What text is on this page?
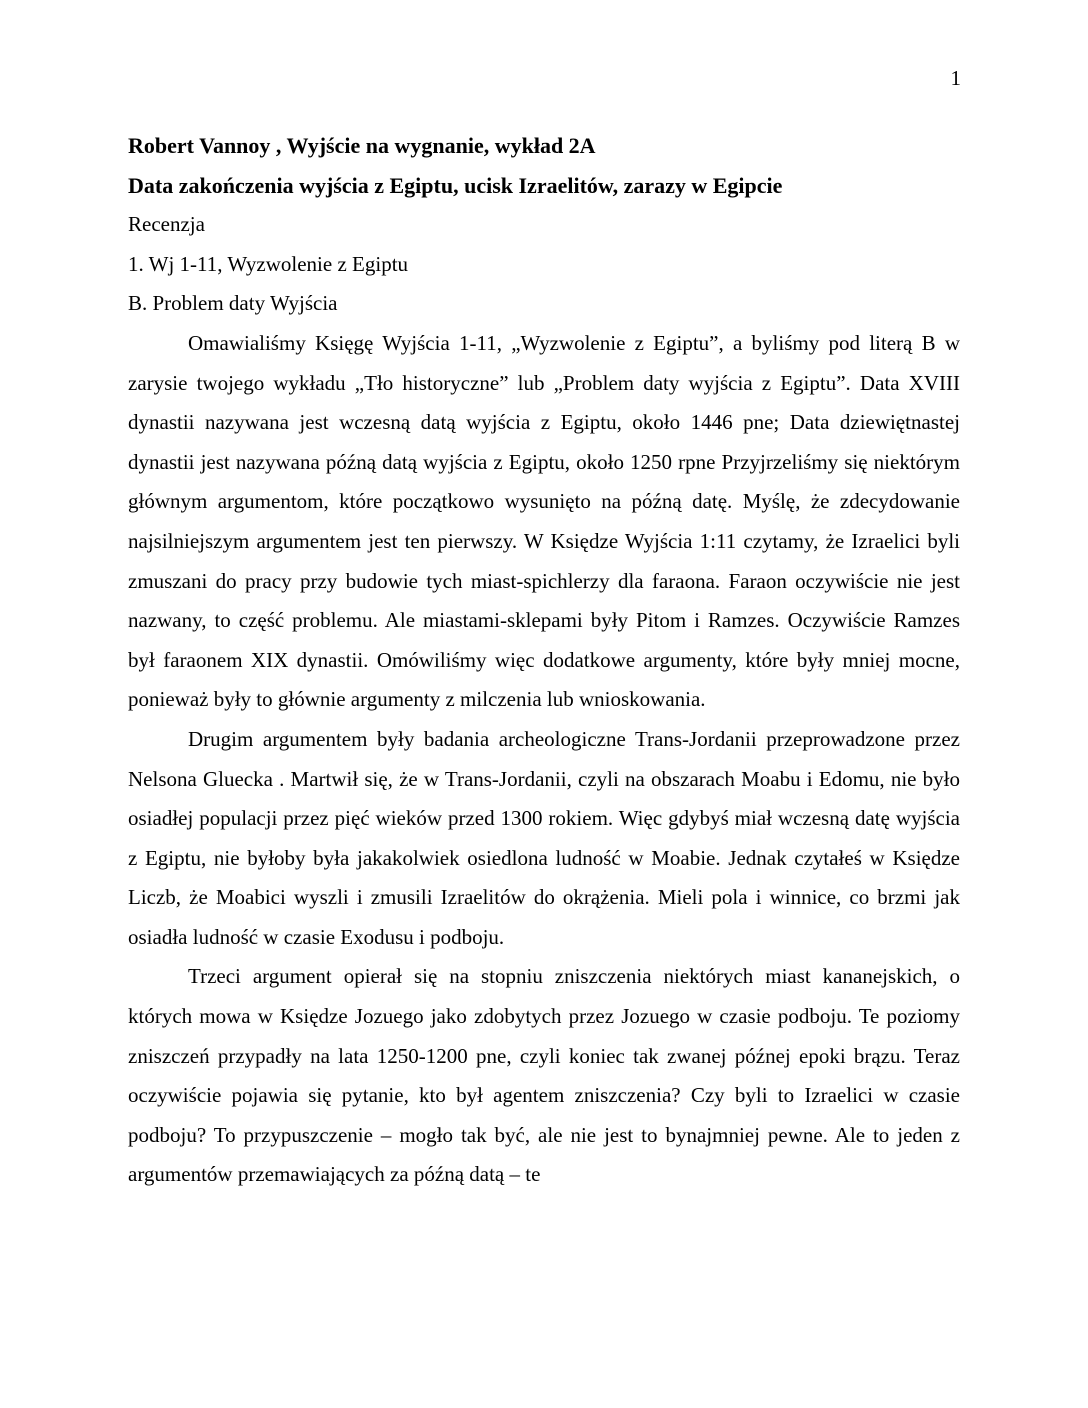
1

Robert Vannoy , Wyjście na wygnanie, wykład 2A

Data zakończenia wyjścia z Egiptu, ucisk Izraelitów, zarazy w Egipcie

Recenzja

1. Wj 1-11, Wyzwolenie z Egiptu

B. Problem daty Wyjścia

Omawialiśmy Księgę Wyjścia 1-11, „Wyzwolenie z Egiptu”, a byliśmy pod literą B w zarysie twojego wykładu „Tło historyczne” lub „Problem daty wyjścia z Egiptu”. Data XVIII dynastii nazywana jest wczesną datą wyjścia z Egiptu, około 1446 pne; Data dziewiętnastej dynastii jest nazywana późną datą wyjścia z Egiptu, około 1250 rpne Przyjrzeliśmy się niektórym głównym argumentom, które początkowo wysunięto na późną datę. Myślę, że zdecydowanie najsilniejszym argumentem jest ten pierwszy. W Księdze Wyjścia 1:11 czytamy, że Izraelici byli zmuszani do pracy przy budowie tych miast-spichlerzy dla faraona. Faraon oczywiście nie jest nazwany, to część problemu. Ale miastami-sklepami były Pitom i Ramzes. Oczywiście Ramzes był faraonem XIX dynastii. Omówiliśmy więc dodatkowe argumenty, które były mniej mocne, ponieważ były to głównie argumenty z milczenia lub wnioskowania.

Drugim argumentem były badania archeologiczne Trans-Jordanii przeprowadzone przez Nelsona Gluecka . Martwił się, że w Trans-Jordanii, czyli na obszarach Moabu i Edomu, nie było osiadłej populacji przez pięć wieków przed 1300 rokiem. Więc gdybyś miał wczesną datę wyjścia z Egiptu, nie byłoby była jakakolwiek osiedlona ludność w Moabie. Jednak czytałeś w Księdze Liczb, że Moabici wyszli i zmusili Izraelitów do okrążenia. Mieli pola i winnice, co brzmi jak osiadła ludność w czasie Exodusu i podboju.

Trzeci argument opierał się na stopniu zniszczenia niektórych miast kananejskich, o których mowa w Księdze Jozuego jako zdobytych przez Jozuego w czasie podboju. Te poziomy zniszczeń przypadły na lata 1250-1200 pne, czyli koniec tak zwanej późnej epoki brązu. Teraz oczywiście pojawia się pytanie, kto był agentem zniszczenia? Czy byli to Izraelici w czasie podboju? To przypuszczenie – mogło tak być, ale nie jest to bynajmniej pewne. Ale to jeden z argumentów przemawiających za późną datą – te
